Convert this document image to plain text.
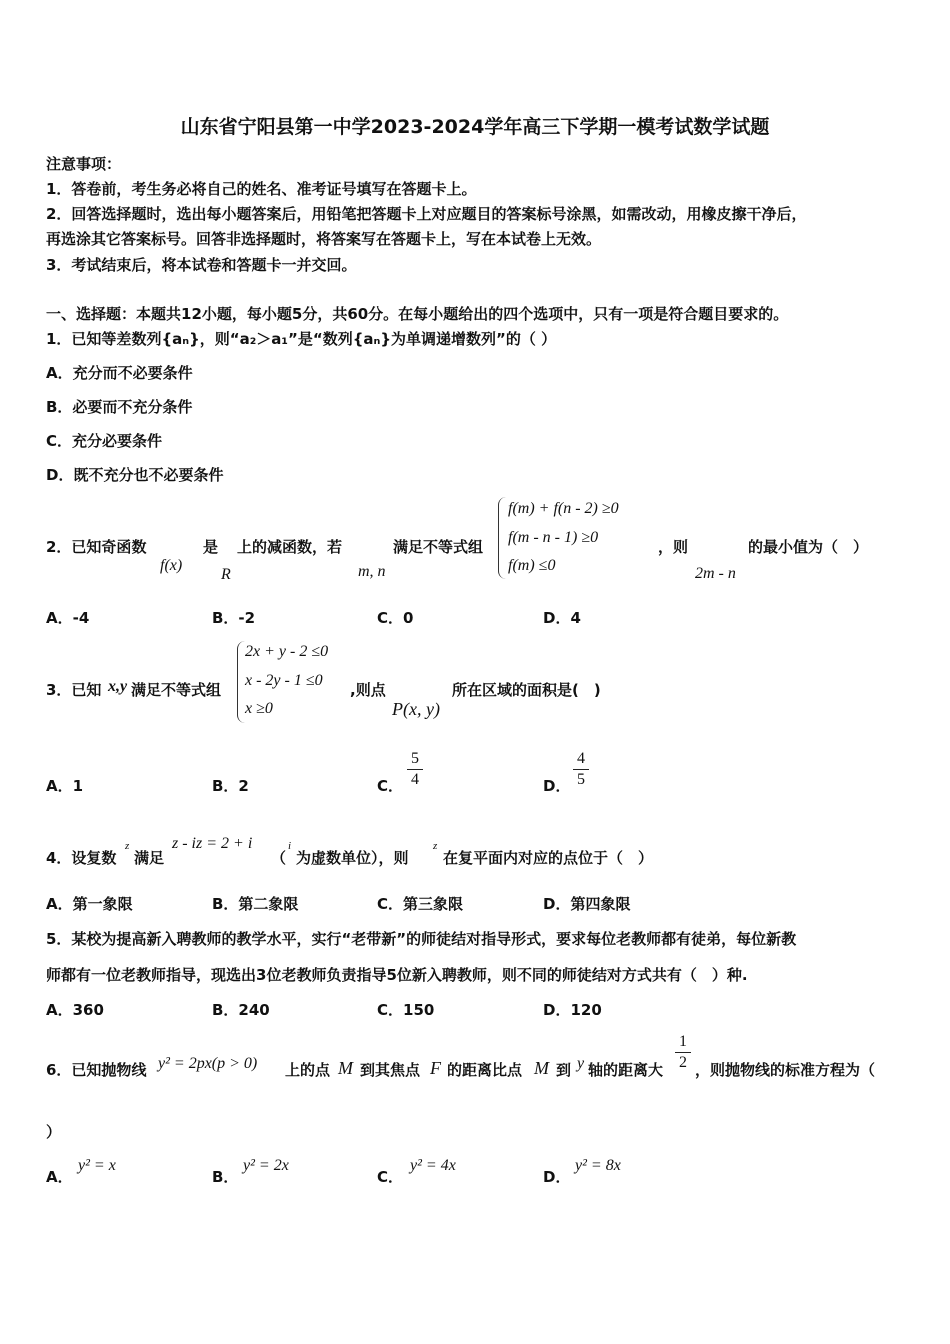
山东省宁阳县第一中学2023-2024学年高三下学期一模考试数学试题
注意事项：
1．答卷前，考生务必将自己的姓名、准考证号填写在答题卡上。
2．回答选择题时，选出每小题答案后，用铅笔把答题卡上对应题目的答案标号涂黑，如需改动，用橡皮擦干净后，
再选涂其它答案标号。回答非选择题时，将答案写在答题卡上，写在本试卷上无效。
3．考试结束后，将本试卷和答题卡一并交回。
一、选择题：本题共12小题，每小题5分，共60分。在每小题给出的四个选项中，只有一项是符合题目要求的。
1．已知等差数列{aₙ}，则“a₂＞a₁”是“数列{aₙ}为单调递增数列”的（ ）
A．充分而不必要条件
B．必要而不充分条件
C．充分必要条件
D．既不充分也不必要条件
2．已知奇函数
f(x)
是
R
上的减函数，若
m, n
满足不等式组
f(m) + f(n - 2) ≥0
f(m - n - 1) ≥0
f(m) ≤0
，则
2m - n
的最小值为（　）
A．-4	B．-2	C．0	D．4
3．已知 x,y 满足不等式组
2x + y - 2 ≤0
x - 2y - 1 ≤0
x ≥0
,则点
P(x, y)
所在区域的面积是(　)
A．1	B．2	C．
5
4	D．
4
5
4．设复数
z
满足
z - iz = 2 + i
（
i
为虚数单位），则
z
在复平面内对应的点位于（　）
A．第一象限	B．第二象限	C．第三象限	D．第四象限
5．某校为提高新入聘教师的教学水平，实行“老带新”的师徒结对指导形式，要求每位老教师都有徒弟，每位新教
师都有一位老教师指导，现选出3位老教师负责指导5位新入聘教师，则不同的师徒结对方式共有（　）种.
A．360	B．240	C．150	D．120
6．已知抛物线 y² = 2px(p > 0) 上的点 M 到其焦点 F 的距离比点 M 到 y 轴的距离大
1
2 ，则抛物线的标准方程为（
）
A．
y² = x
B．
y² = 2x
C．
y² = 4x
D．
y² = 8x
